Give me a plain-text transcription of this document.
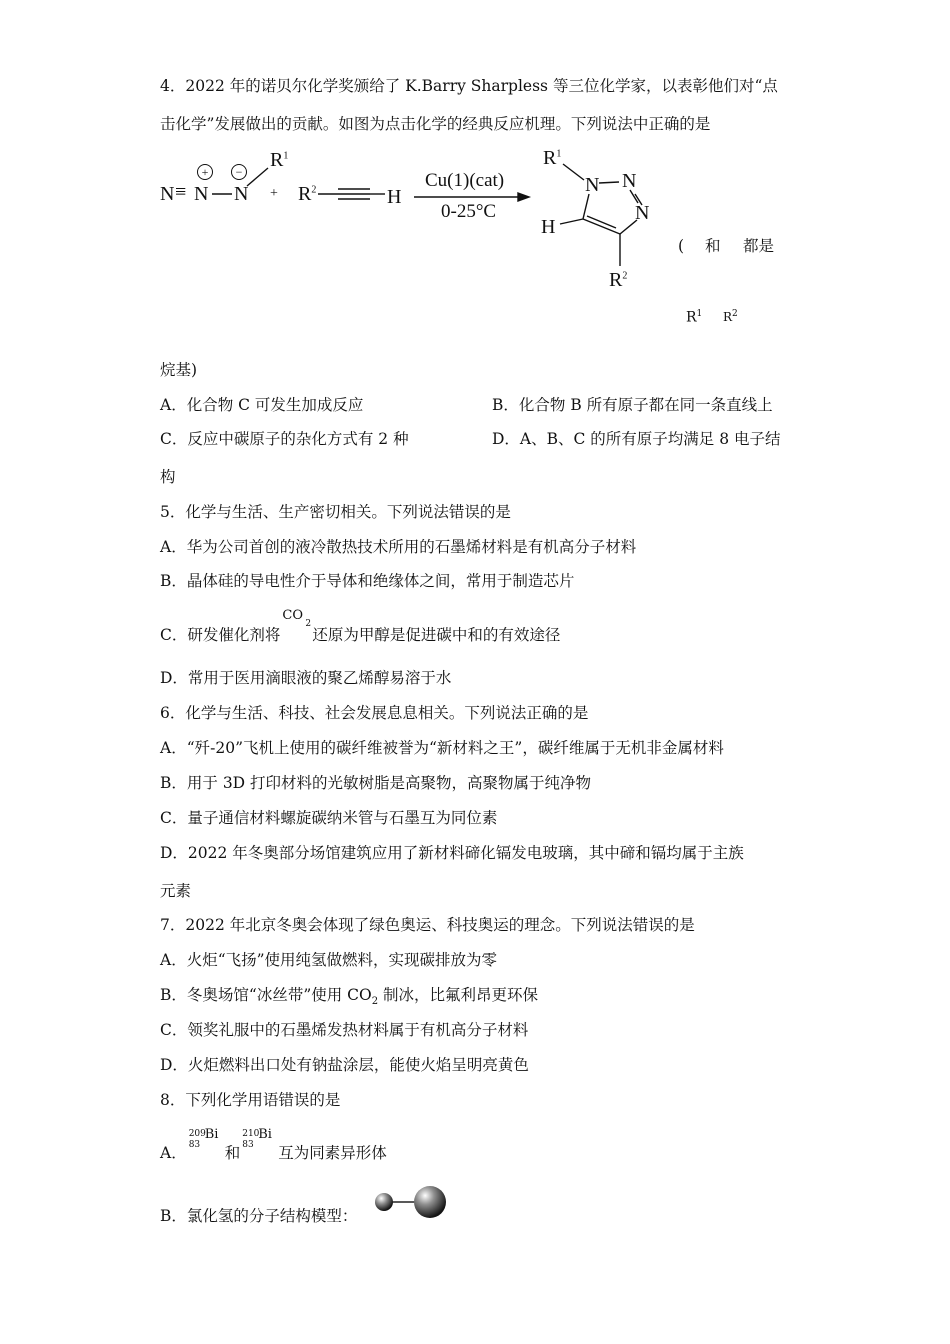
4．2022 年的诺贝尔化学奖颁给了 K.Barry Sharpless 等三位化学家，以表彰他们对“点
击化学”发展做出的贡献。如图为点击化学的经典反应机理。下列说法中正确的是
N ≡ N N
+	−
$R^1$
+ $R^2$	H
Cu(1)(cat)
0-25°C
$R^1$
N N
N
H
$R^2$
( 和 都是
$R^1$ $R^2$
烷基)
A．化合物 C 可发生加成反应	B．化合物 B 所有原子都在同一条直线上
C．反应中碳原子的杂化方式有 2 种	D．A、B、C 的所有原子均满足 8 电子结
构
5．化学与生活、生产密切相关。下列说法错误的是
A．华为公司首创的液冷散热技术所用的石墨烯材料是有机高分子材料
B．晶体硅的导电性介于导体和绝缘体之间，常用于制造芯片
C．研发催化剂将
CO
2
还原为甲醇是促进碳中和的有效途径
D．常用于医用滴眼液的聚乙烯醇易溶于水
6．化学与生活、科技、社会发展息息相关。下列说法正确的是
A．“歼-20”飞机上使用的碳纤维被誉为“新材料之王”，碳纤维属于无机非金属材料
B．用于 3D 打印材料的光敏树脂是高聚物，高聚物属于纯净物
C．量子通信材料螺旋碳纳米管与石墨互为同位素
D．2022 年冬奥部分场馆建筑应用了新材料碲化镉发电玻璃，其中碲和镉均属于主族
元素
7．2022 年北京冬奥会体现了绿色奥运、科技奥运的理念。下列说法错误的是
A．火炬“飞扬”使用纯氢做燃料，实现碳排放为零
B．冬奥场馆“冰丝带”使用 $CO_2$ 制冰，比氟利昂更环保
C．领奖礼服中的石墨烯发热材料属于有机高分子材料
D．火炬燃料出口处有钠盐涂层，能使火焰呈明亮黄色
8．下列化学用语错误的是
A．
209
83
Bi
和
210
83
Bi
互为同素异形体
B．氯化氢的分子结构模型：
